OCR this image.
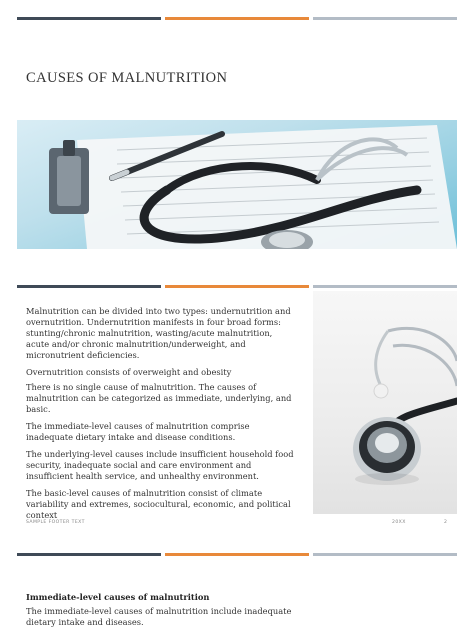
CAUSES OF MALNUTRITION

Malnutrition can be divided into two types: undernutrition and overnutrition. Undernutrition manifests in four broad forms: stunting/chronic malnutrition, wasting/acute malnutrition, acute and/or chronic malnutrition/underweight, and micronutrient deficiencies.

Overnutrition consists of overweight and obesity

There is no single cause of malnutrition. The causes of malnutrition can be categorized as immediate, underlying, and basic.

The immediate-level causes of malnutrition comprise inadequate dietary intake and disease conditions.

The underlying-level causes include insufficient household food security, inadequate social and care environment and insufficient health service, and unhealthy environment.

The basic-level causes of malnutrition consist of climate variability and extremes, sociocultural, economic, and political context

SAMPLE FOOTER TEXT	20XX	2
Immediate-level causes of malnutrition
The immediate-level causes of malnutrition include inadequate dietary intake and diseases.
